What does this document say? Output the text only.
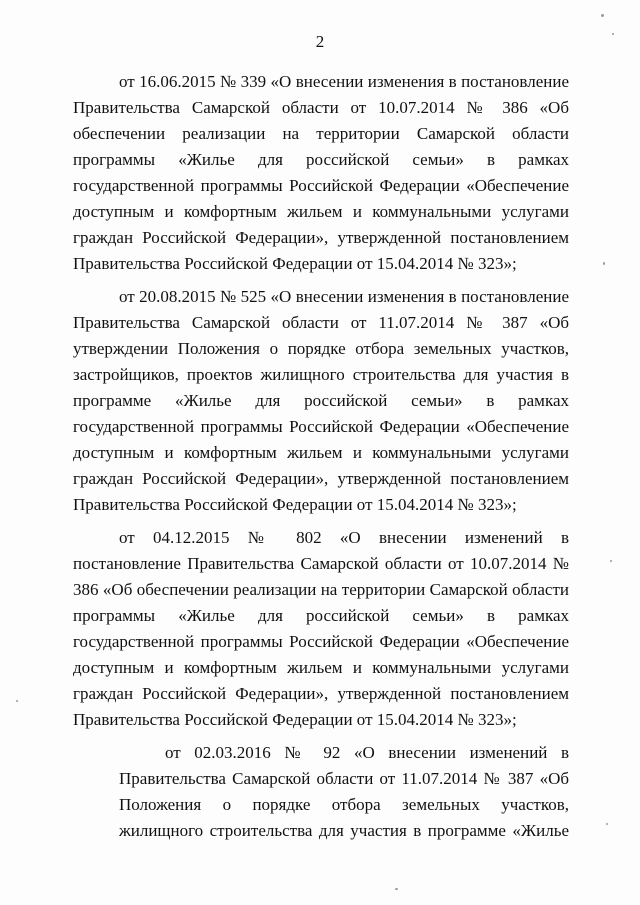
2

от 16.06.2015 № 339 «О внесении изменения в постановление Правительства Самарской области от 10.07.2014 № 386 «Об обеспечении реализации на территории Самарской области программы «Жилье для российской семьи» в рамках государственной программы Российской Федерации «Обеспечение доступным и комфортным жильем и коммунальными услугами граждан Российской Федерации», утвержденной постановлением Правительства Российской Федерации от 15.04.2014 № 323»;

от 20.08.2015 № 525 «О внесении изменения в постановление Правительства Самарской области от 11.07.2014 № 387 «Об утверждении Положения о порядке отбора земельных участков, застройщиков, проектов жилищного строительства для участия в программе «Жилье для российской семьи» в рамках государственной программы Российской Федерации «Обеспечение доступным и комфортным жильем и коммунальными услугами граждан Российской Федерации», утвержденной постановлением Правительства Российской Федерации от 15.04.2014 № 323»;

от 04.12.2015 № 802 «О внесении изменений в постановление Правительства Самарской области от 10.07.2014 № 386 «Об обеспечении реализации на территории Самарской области программы «Жилье для российской семьи» в рамках государственной программы Российской Федерации «Обеспечение доступным и комфортным жильем и коммунальными услугами граждан Российской Федерации», утвержденной постановлением Правительства Российской Федерации от 15.04.2014 № 323»;

от 02.03.2016 № 92 «О внесении изменений в
Правительства Самарской области от 11.07.2014 № 387 «Об
Положения о порядке отбора земельных участков,
жилищного строительства для участия в программе «Жилье
